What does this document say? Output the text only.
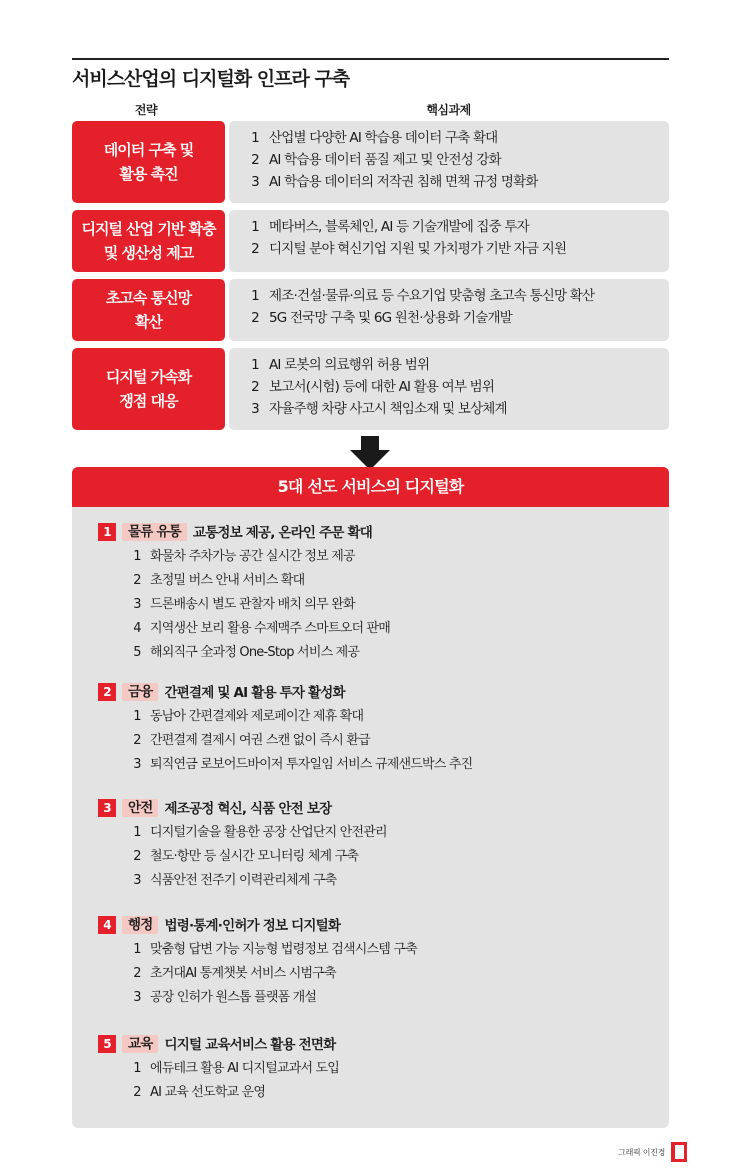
서비스산업의 디지털화 인프라 구축
전략	핵심과제
데이터 구축 및
활용 촉진
1 산업별 다양한 AI 학습용 데이터 구축 확대
2 AI 학습용 데이터 품질 제고 및 안전성 강화
3 AI 학습용 데이터의 저작권 침해 면책 규정 명확화
디지털 산업 기반 확충
및 생산성 제고
1 메타버스, 블록체인, AI 등 기술개발에 집중 투자
2 디지털 분야 혁신기업 지원 및 가치평가 기반 자금 지원
초고속 통신망
확산
1 제조·건설·물류·의료 등 수요기업 맞춤형 초고속 통신망 확산
2 5G 전국망 구축 및 6G 원천·상용화 기술개발
디지털 가속화
쟁점 대응
1 AI 로봇의 의료행위 허용 범위
2 보고서(시험) 등에 대한 AI 활용 여부 범위
3 자율주행 차량 사고시 책임소재 및 보상체계
5대 선도 서비스의 디지털화
1 물류 유통 교통정보 제공, 온라인 주문 확대
1 화물차 주차가능 공간 실시간 정보 제공
2 초정밀 버스 안내 서비스 확대
3 드론배송시 별도 관찰자 배치 의무 완화
4 지역생산 보리 활용 수제맥주 스마트오더 판매
5 해외직구 全과정 One-Stop 서비스 제공
2 금융 간편결제 및 AI 활용 투자 활성화
1 동남아 간편결제와 제로페이간 제휴 확대
2 간편결제 결제시 여권 스캔 없이 즉시 환급
3 퇴직연금 로보어드바이저 투자일임 서비스 규제샌드박스 추진
3 안전 제조공정 혁신, 식품 안전 보장
1 디지털기술을 활용한 공장 산업단지 안전관리
2 철도·항만 등 실시간 모니터링 체계 구축
3 식품안전 전주기 이력관리체계 구축
4 행정 법령·통계·인허가 정보 디지털화
1 맞춤형 답변 가능 지능형 법령정보 검색시스템 구축
2 초거대AI 통계챗봇 서비스 시범구축
3 공장 인허가 원스톱 플랫폼 개설
5 교육 디지털 교육서비스 활용 전면화
1 에듀테크 활용 AI 디지털교과서 도입
2 AI 교육 선도학교 운영
그래픽 이진경
